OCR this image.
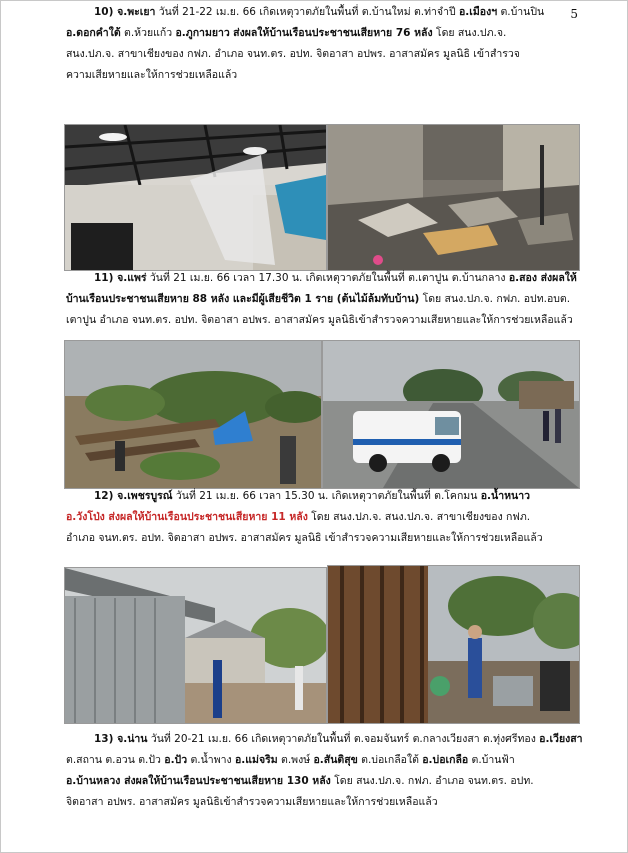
5
10) จ.พะเยา วันที่ 21-22 เม.ย. 66 เกิดเหตุวาตภัยในพื้นที่ ต.บ้านใหม่ ต.ท่าจำปี อ.เมืองฯ ต.บ้านปิน
อ.ดอกคำใต้ ต.ห้วยแก้ว อ.ภูกามยาว ส่งผลให้บ้านเรือนประชาชนเสียหาย 76 หลัง โดย สนง.ปภ.จ.
สนง.ปภ.จ. สาขาเชียงของ กฟภ. อำเภอ จนท.ตร. อปท. จิตอาสา อปพร. อาสาสมัคร มูลนิธิ เข้าสำรวจ
ความเสียหายและให้การช่วยเหลือแล้ว
11) จ.แพร่ วันที่ 21 เม.ย. 66 เวลา 17.30 น. เกิดเหตุวาตภัยในพื้นที่ ต.เตาปูน ต.บ้านกลาง อ.สอง ส่งผลให้
บ้านเรือนประชาชนเสียหาย 88 หลัง และมีผู้เสียชีวิต 1 ราย (ต้นไม้ล้มทับบ้าน) โดย สนง.ปภ.จ. กฟภ. อปท.อบต.
เตาปูน อำเภอ จนท.ตร. อปท. จิตอาสา อปพร. อาสาสมัคร มูลนิธิเข้าสำรวจความเสียหายและให้การช่วยเหลือแล้ว
12) จ.เพชรบูรณ์ วันที่ 21 เม.ย. 66 เวลา 15.30 น. เกิดเหตุวาตภัยในพื้นที่ ต.โคกมน อ.น้ำหนาว
อ.วังโป่ง ส่งผลให้บ้านเรือนประชาชนเสียหาย 11 หลัง โดย สนง.ปภ.จ. สนง.ปภ.จ. สาขาเชียงของ กฟภ.
อำเภอ จนท.ตร. อปท. จิตอาสา อปพร. อาสาสมัคร มูลนิธิ เข้าสำรวจความเสียหายและให้การช่วยเหลือแล้ว
13) จ.น่าน วันที่ 20-21 เม.ย. 66 เกิดเหตุวาตภัยในพื้นที่ ต.จอมจันทร์ ต.กลางเวียงสา ต.ทุ่งศรีทอง อ.เวียงสา
ต.สถาน ต.อวน ต.ปัว อ.ปัว ต.น้ำพาง อ.แม่จริม ต.พงษ์ อ.สันติสุข ต.บ่อเกลือใต้ อ.บ่อเกลือ ต.บ้านฟ้า
อ.บ้านหลวง ส่งผลให้บ้านเรือนประชาชนเสียหาย 130 หลัง โดย สนง.ปภ.จ. กฟภ. อำเภอ จนท.ตร. อปท.
จิตอาสา อปพร. อาสาสมัคร มูลนิธิเข้าสำรวจความเสียหายและให้การช่วยเหลือแล้ว
